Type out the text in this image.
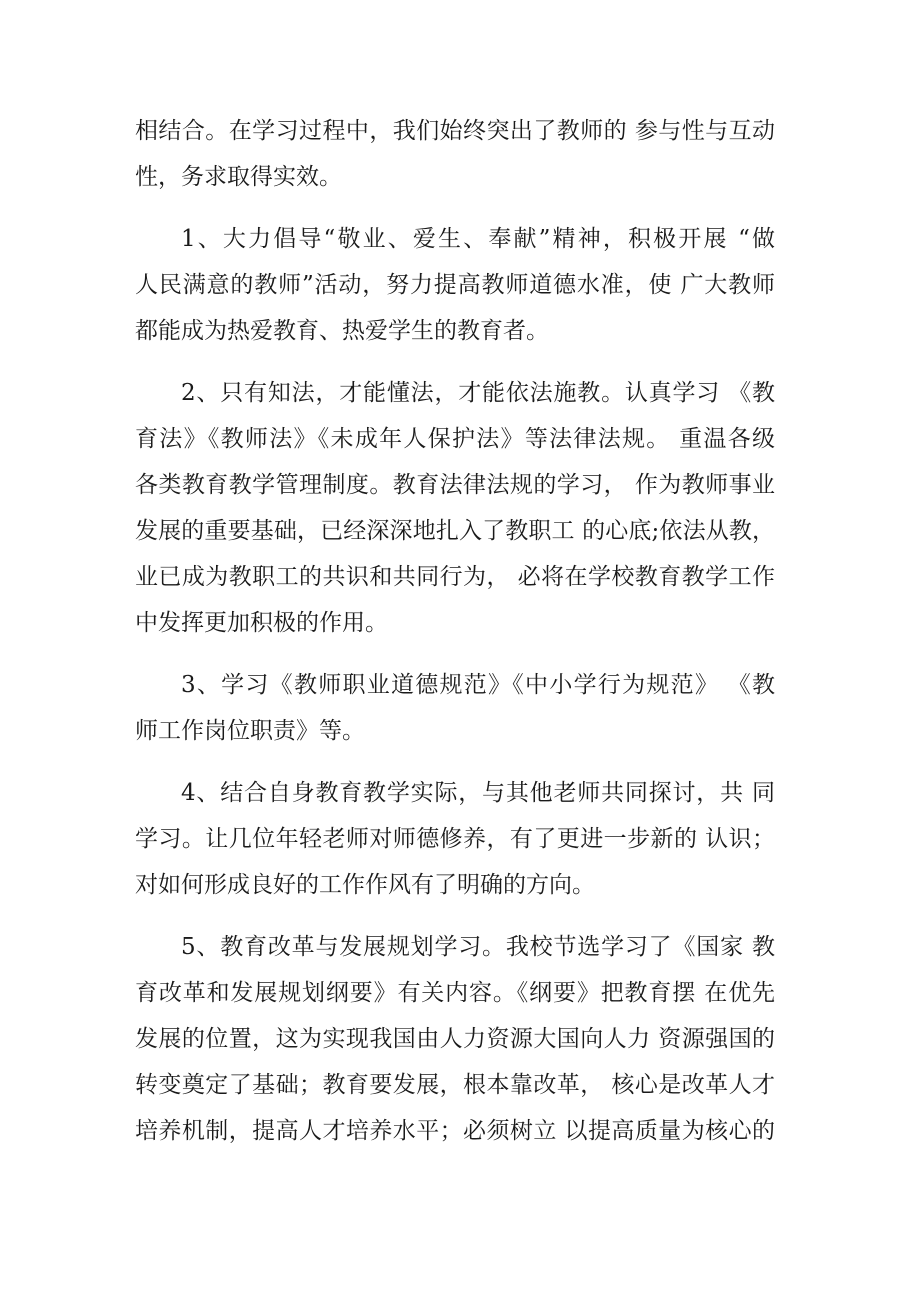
相结合。在学习过程中，我们始终突出了教师的 参与性与互动
性，务求取得实效。
1、大力倡导“敬业、爱生、奉献”精神，积极开展 “做
人民满意的教师”活动，努力提高教师道德水准，使 广大教师
都能成为热爱教育、热爱学生的教育者。
2、只有知法，才能懂法，才能依法施教。认真学习 《教
育法》《教师法》《未成年人保护法》等法律法规。 重温各级
各类教育教学管理制度。教育法律法规的学习， 作为教师事业
发展的重要基础，已经深深地扎入了教职工 的心底;依法从教，
业已成为教职工的共识和共同行为， 必将在学校教育教学工作
中发挥更加积极的作用。
3、学习《教师职业道德规范》《中小学行为规范》 《教
师工作岗位职责》等。
4、结合自身教育教学实际，与其他老师共同探讨，共 同
学习。让几位年轻老师对师德修养，有了更进一步新的 认识；
对如何形成良好的工作作风有了明确的方向。
5、教育改革与发展规划学习。我校节选学习了《国家 教
育改革和发展规划纲要》有关内容。《纲要》把教育摆 在优先
发展的位置，这为实现我国由人力资源大国向人力 资源强国的
转变奠定了基础；教育要发展，根本靠改革， 核心是改革人才
培养机制，提高人才培养水平；必须树立 以提高质量为核心的
